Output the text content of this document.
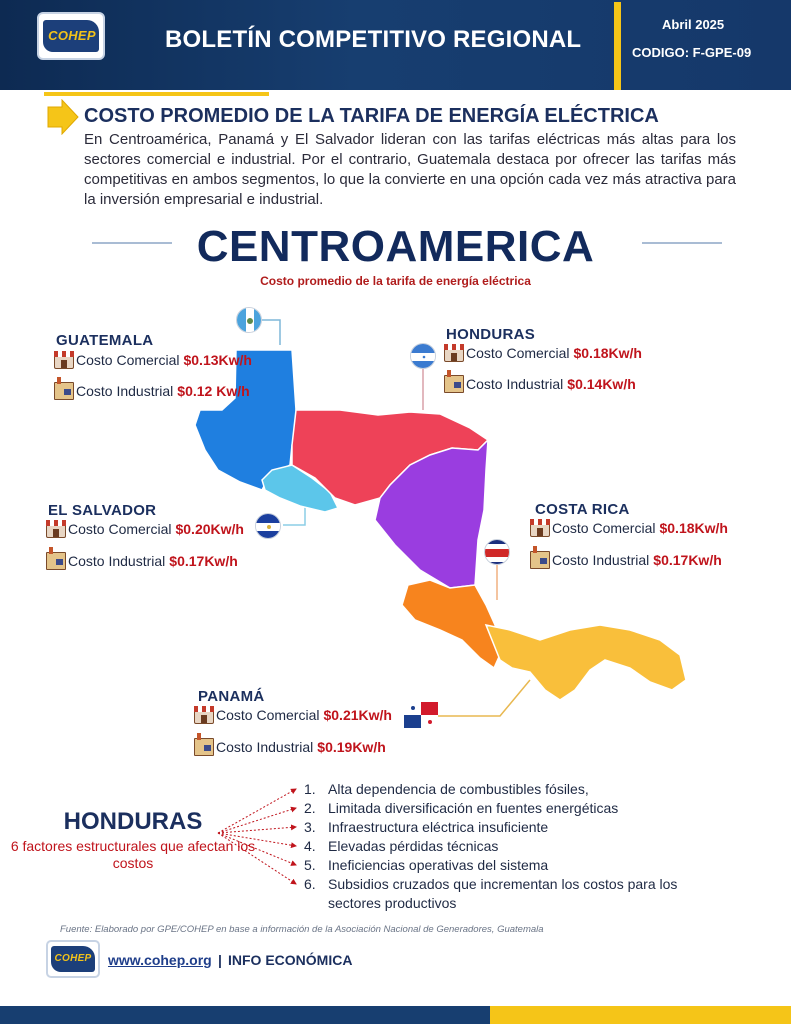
COHEP	BOLETÍN COMPETITIVO REGIONAL
Abril 2025
CODIGO: F-GPE-09
COSTO PROMEDIO DE LA TARIFA DE ENERGÍA ELÉCTRICA
En Centroamérica, Panamá y El Salvador lideran con las tarifas eléctricas más altas para los sectores comercial e industrial. Por el contrario, Guatemala destaca por ofrecer las tarifas más competitivas en ambos segmentos, lo que la convierte en una opción cada vez más atractiva para la inversión empresarial e industrial.
CENTROAMERICA
Costo promedio de la tarifa de energía eléctrica
GUATEMALA
Costo Comercial $0.13Kw/h
Costo Industrial $0.12 Kw/h
HONDURAS
Costo Comercial $0.18Kw/h
Costo Industrial $0.14Kw/h
EL SALVADOR
Costo Comercial $0.20Kw/h
Costo Industrial $0.17Kw/h
COSTA RICA
Costo Comercial $0.18Kw/h
Costo Industrial $0.17Kw/h
PANAMÁ
Costo Comercial $0.21Kw/h
Costo Industrial $0.19Kw/h
HONDURAS
6 factores estructurales que afectan los costos
1. Alta dependencia de combustibles fósiles,
2. Limitada diversificación en fuentes energéticas
3. Infraestructura eléctrica insuficiente
4. Elevadas pérdidas técnicas
5. Ineficiencias operativas del sistema
6. Subsidios cruzados que incrementan los costos para los sectores productivos
Fuente: Elaborado por GPE/COHEP en base a información de la Asociación Nacional de Generadores, Guatemala
COHEP www.cohep.org | INFO ECONÓMICA
